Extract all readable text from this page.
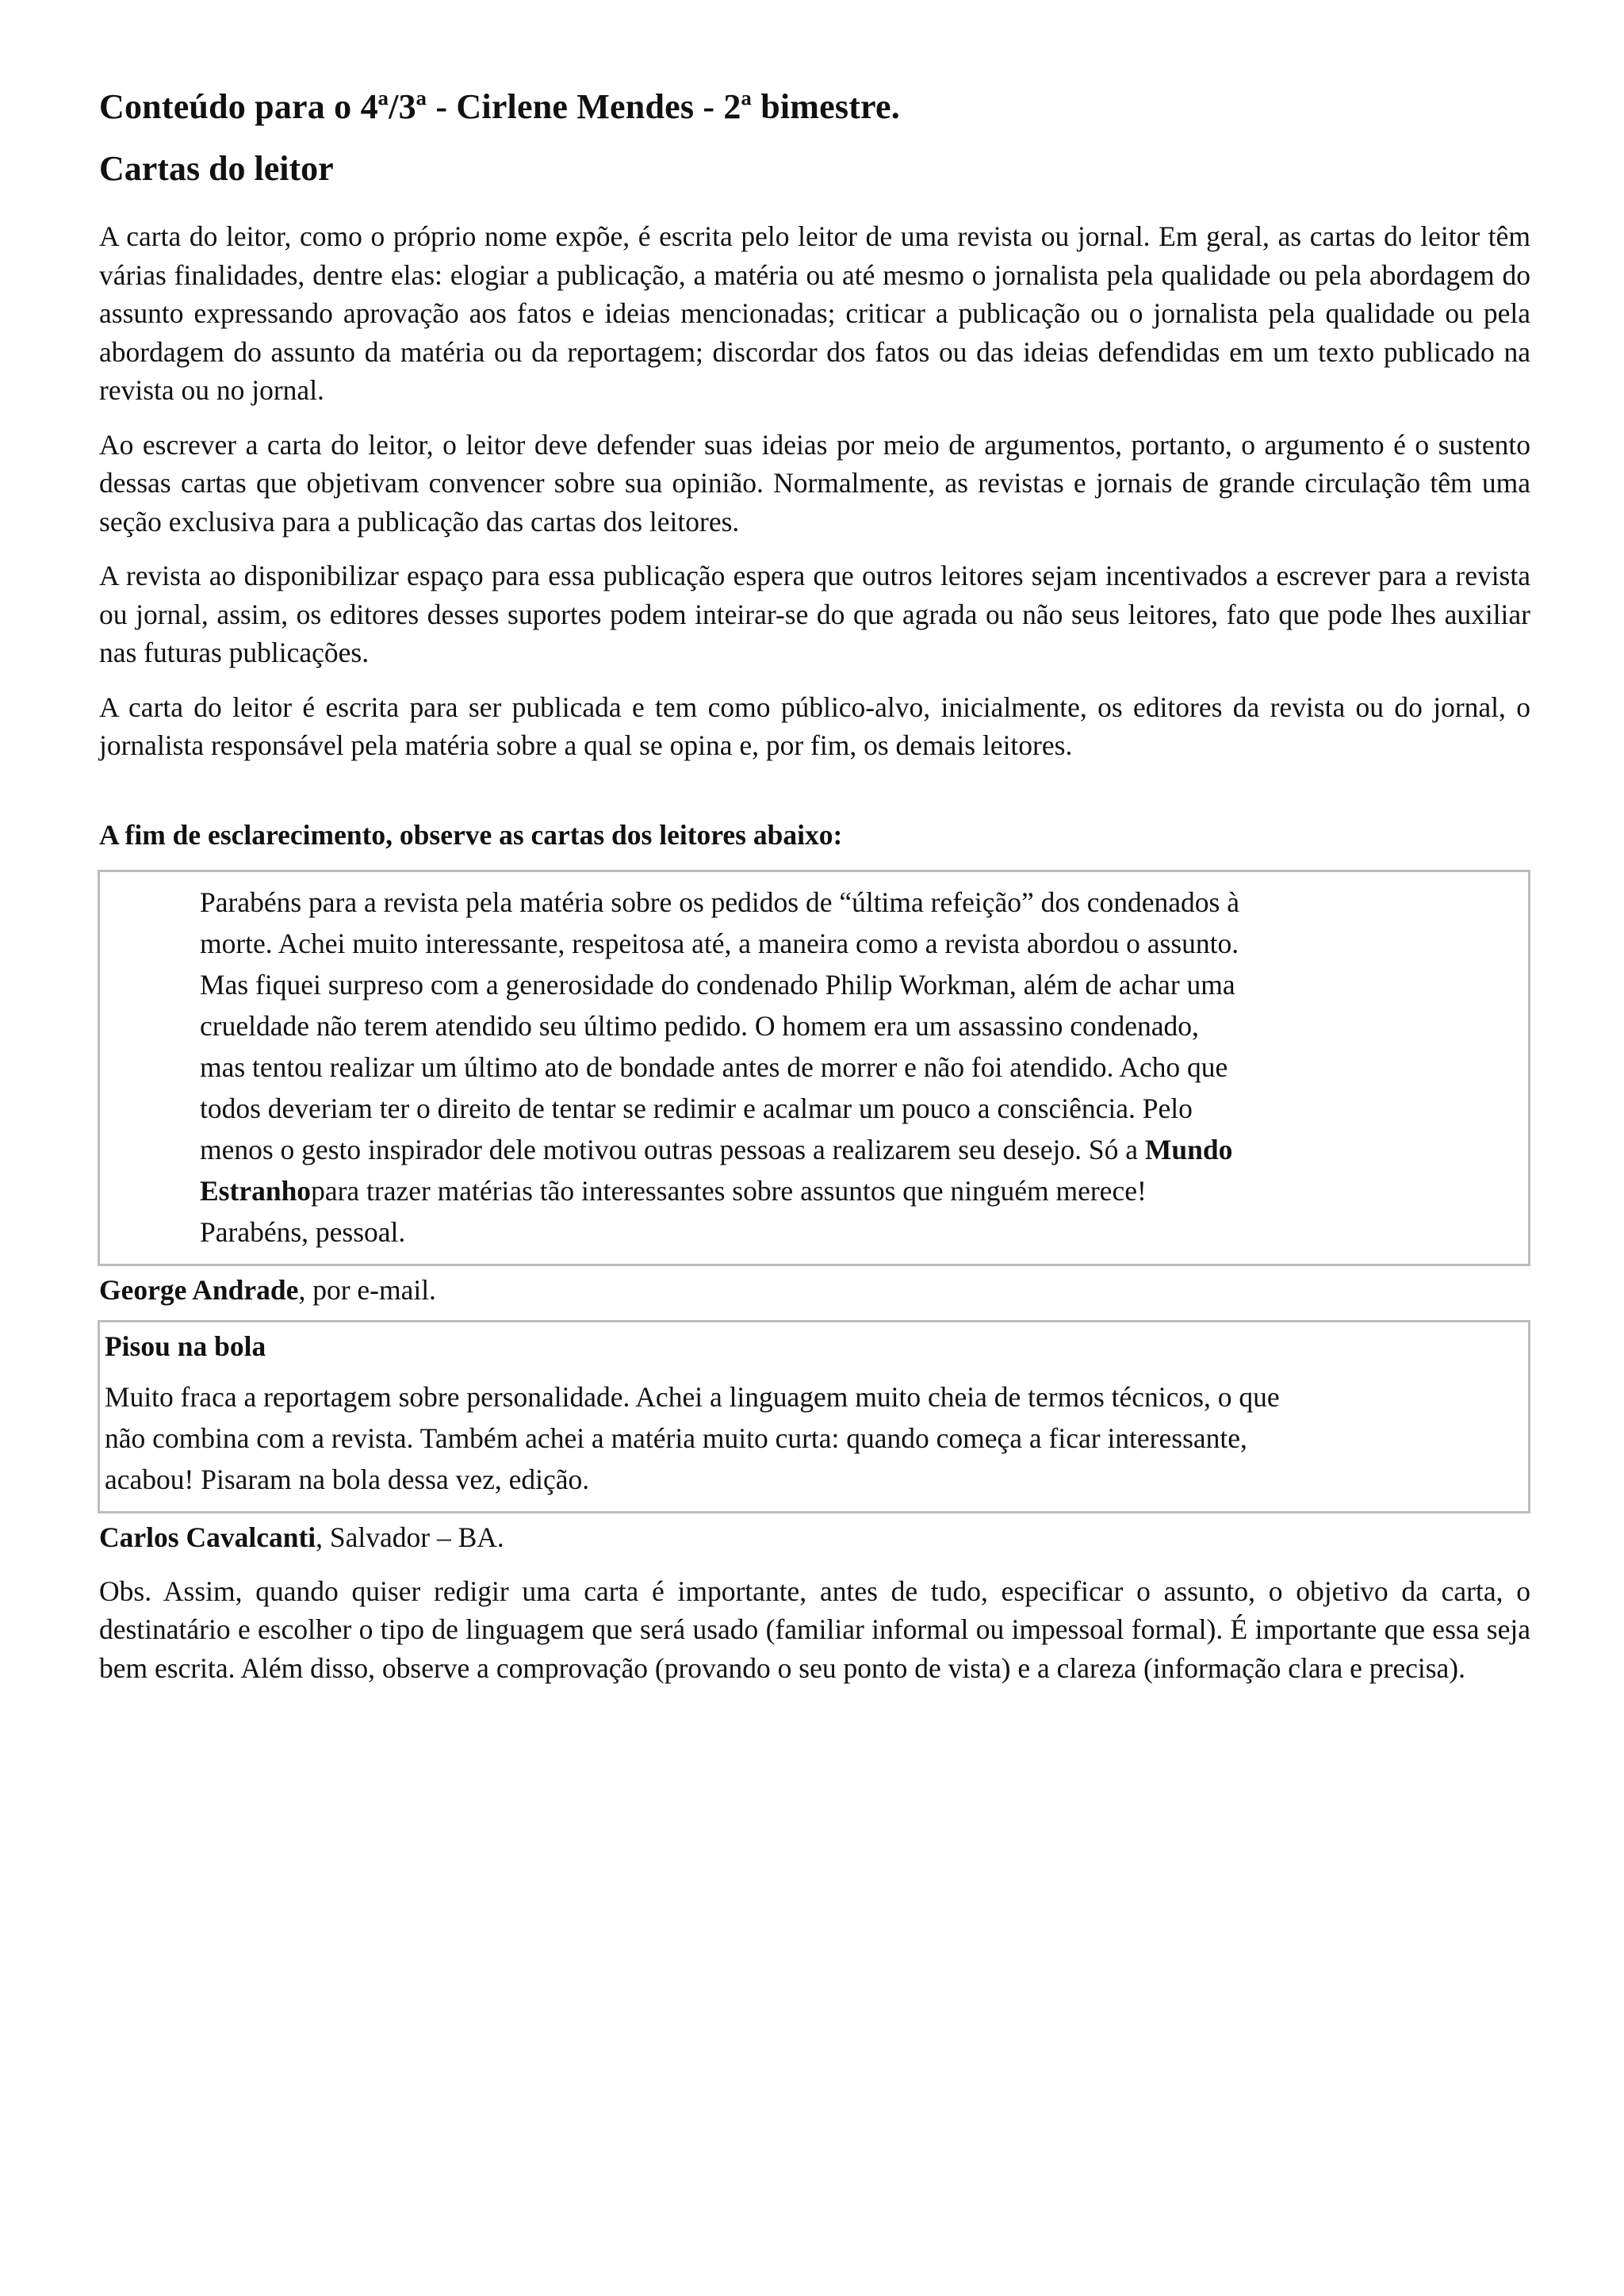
Conteúdo para o 4ª/3ª - Cirlene Mendes - 2ª bimestre.
Cartas do leitor

A carta do leitor, como o próprio nome expõe, é escrita pelo leitor de uma revista ou jornal. Em geral, as cartas do leitor têm várias finalidades, dentre elas: elogiar a publicação, a matéria ou até mesmo o jornalista pela qualidade ou pela abordagem do assunto expressando aprovação aos fatos e ideias mencionadas; criticar a publicação ou o jornalista pela qualidade ou pela abordagem do assunto da matéria ou da reportagem; discordar dos fatos ou das ideias defendidas em um texto publicado na revista ou no jornal.

Ao escrever a carta do leitor, o leitor deve defender suas ideias por meio de argumentos, portanto, o argumento é o sustento dessas cartas que objetivam convencer sobre sua opinião. Normalmente, as revistas e jornais de grande circulação têm uma seção exclusiva para a publicação das cartas dos leitores.

A revista ao disponibilizar espaço para essa publicação espera que outros leitores sejam incentivados a escrever para a revista ou jornal, assim, os editores desses suportes podem inteirar-se do que agrada ou não seus leitores, fato que pode lhes auxiliar nas futuras publicações.

A carta do leitor é escrita para ser publicada e tem como público-alvo, inicialmente, os editores da revista ou do jornal, o jornalista responsável pela matéria sobre a qual se opina e, por fim, os demais leitores.

A fim de esclarecimento, observe as cartas dos leitores abaixo:

Parabéns para a revista pela matéria sobre os pedidos de “última refeição” dos condenados à
morte. Achei muito interessante, respeitosa até, a maneira como a revista abordou o assunto.
Mas fiquei surpreso com a generosidade do condenado Philip Workman, além de achar uma
crueldade não terem atendido seu último pedido. O homem era um assassino condenado,
mas tentou realizar um último ato de bondade antes de morrer e não foi atendido. Acho que
todos deveriam ter o direito de tentar se redimir e acalmar um pouco a consciência. Pelo
menos o gesto inspirador dele motivou outras pessoas a realizarem seu desejo. Só a Mundo
Estranhopara trazer matérias tão interessantes sobre assuntos que ninguém merece!
Parabéns, pessoal.

George Andrade, por e-mail.

Pisou na bola
Muito fraca a reportagem sobre personalidade. Achei a linguagem muito cheia de termos técnicos, o que
não combina com a revista. Também achei a matéria muito curta: quando começa a ficar interessante,
acabou! Pisaram na bola dessa vez, edição.

Carlos Cavalcanti, Salvador – BA.

Obs. Assim, quando quiser redigir uma carta é importante, antes de tudo, especificar o assunto, o objetivo da carta, o destinatário e escolher o tipo de linguagem que será usado (familiar informal ou impessoal formal). É importante que essa seja bem escrita. Além disso, observe a comprovação (provando o seu ponto de vista) e a clareza (informação clara e precisa).
